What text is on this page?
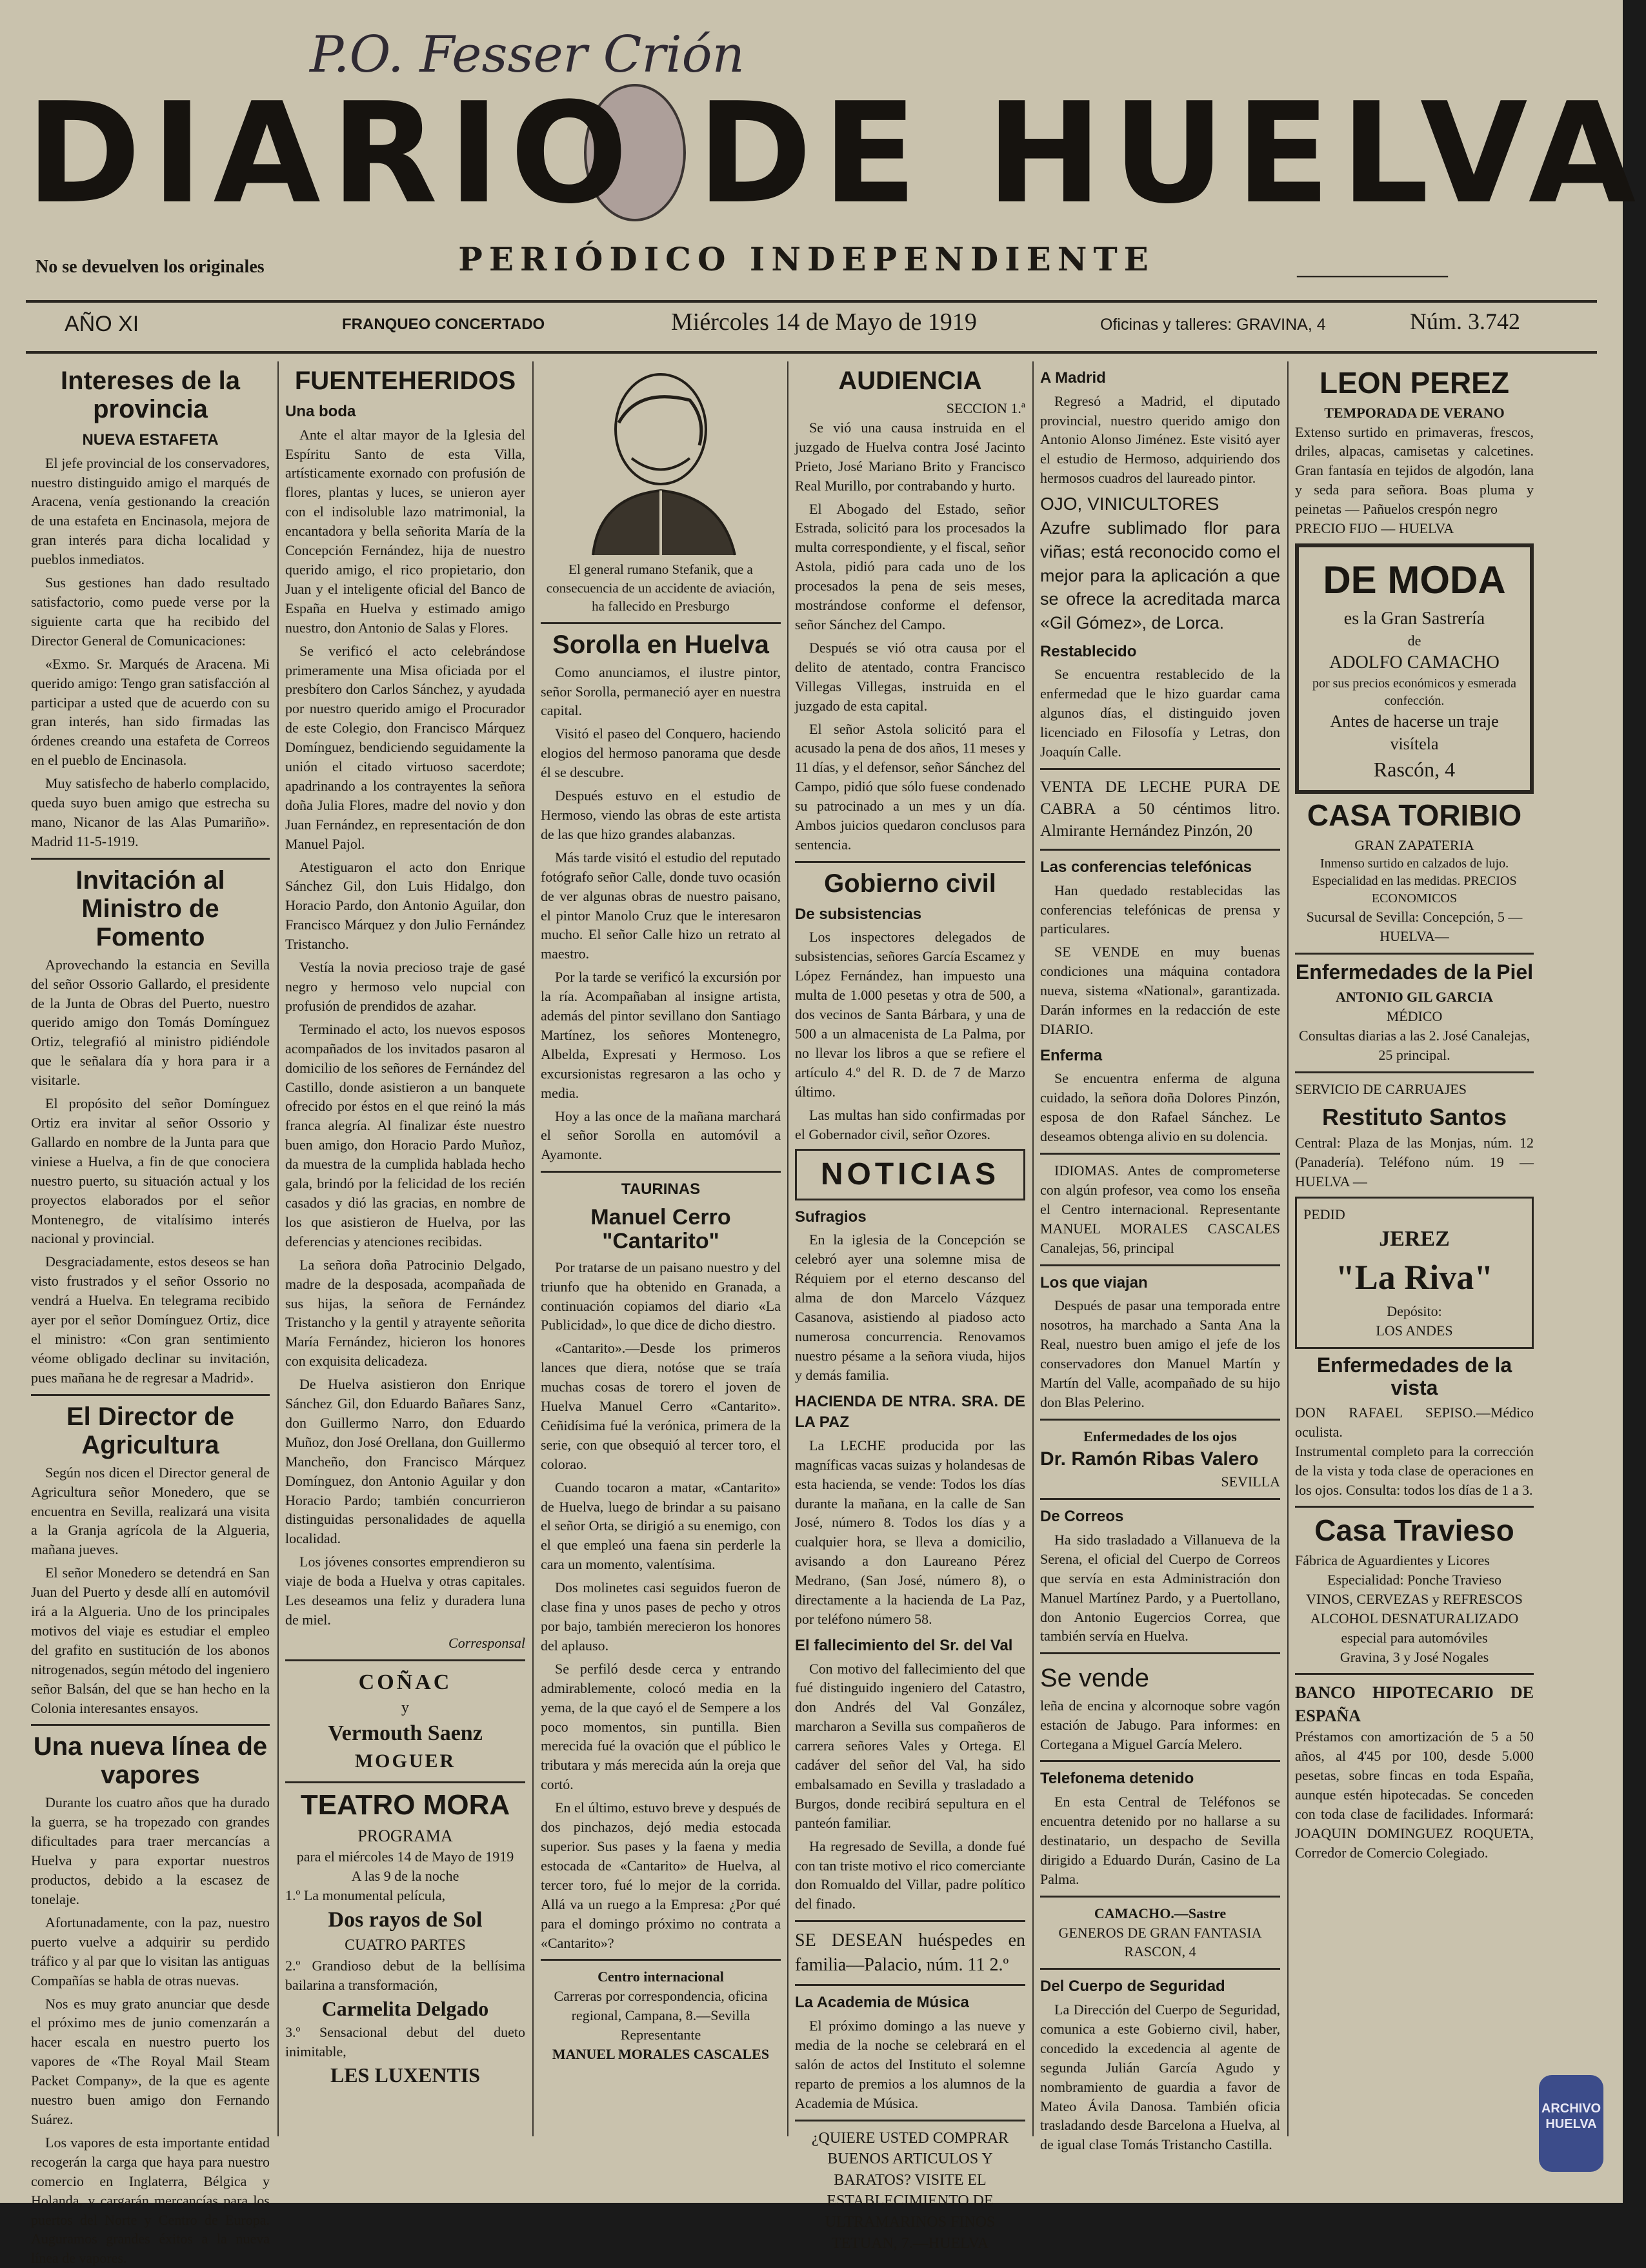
P.O. Fesser Crión
DIARIO DE HUELVA
No se devuelven los originales	PERIÓDICO INDEPENDIENTE	—————————
AÑO XI	FRANQUEO CONCERTADO	Miércoles 14 de Mayo de 1919	Oficinas y talleres: GRAVINA, 4	Núm. 3.742
Intereses de la provincia
NUEVA ESTAFETA

El jefe provincial de los conservadores, nuestro distinguido amigo el marqués de Aracena, venía gestionando la creación de una estafeta en Encinasola, mejora de gran interés para dicha localidad y pueblos inmediatos.

Sus gestiones han dado resultado satisfactorio, como puede verse por la siguiente carta que ha recibido del Director General de Comunicaciones:

«Exmo. Sr. Marqués de Aracena. Mi querido amigo: Tengo gran satisfacción al participar a usted que de acuerdo con su gran interés, han sido firmadas las órdenes creando una estafeta de Correos en el pueblo de Encinasola.

Muy satisfecho de haberlo complacido, queda suyo buen amigo que estrecha su mano, Nicanor de las Alas Pumariño». Madrid 11-5-1919.

Invitación al Ministro de Fomento

Aprovechando la estancia en Sevilla del señor Ossorio Gallardo, el presidente de la Junta de Obras del Puerto, nuestro querido amigo don Tomás Domínguez Ortiz, telegrafió al ministro pidiéndole que le señalara día y hora para ir a visitarle.

El propósito del señor Domínguez Ortiz era invitar al señor Ossorio y Gallardo en nombre de la Junta para que viniese a Huelva, a fin de que conociera nuestro puerto, su situación actual y los proyectos elaborados por el señor Montenegro, de vitalísimo interés nacional y provincial.

Desgraciadamente, estos deseos se han visto frustrados y el señor Ossorio no vendrá a Huelva. En telegrama recibido ayer por el señor Domínguez Ortiz, dice el ministro: «Con gran sentimiento véome obligado declinar su invitación, pues mañana he de regresar a Madrid».

El Director de Agricultura

Según nos dicen el Director general de Agricultura señor Monedero, que se encuentra en Sevilla, realizará una visita a la Granja agrícola de la Algueria, mañana jueves.

El señor Monedero se detendrá en San Juan del Puerto y desde allí en automóvil irá a la Algueria. Uno de los principales motivos del viaje es estudiar el empleo del grafito en sustitución de los abonos nitrogenados, según método del ingeniero señor Balsán, del que se han hecho en la Colonia interesantes ensayos.

Una nueva línea de vapores

Durante los cuatro años que ha durado la guerra, se ha tropezado con grandes dificultades para traer mercancías a Huelva y para exportar nuestros productos, debido a la escasez de tonelaje.

Afortunadamente, con la paz, nuestro puerto vuelve a adquirir su perdido tráfico y al par que lo visitan las antiguas Compañías se habla de otras nuevas.

Nos es muy grato anunciar que desde el próximo mes de junio comenzarán a hacer escala en nuestro puerto los vapores de «The Royal Mail Steam Packet Company», de la que es agente nuestro buen amigo don Fernando Suárez.

Los vapores de esta importante entidad recogerán la carga que haya para nuestro comercio en Inglaterra, Bélgica y Holanda, y cargarán mercancías para los puertos del Norte y Centro de Europa. Auguramos grandes éxitos a la nueva línea de vapores.

FUENTEHERIDOS
Una boda

Ante el altar mayor de la Iglesia del Espíritu Santo de esta Villa, artísticamente exornado con profusión de flores, plantas y luces, se unieron ayer con el indisoluble lazo matrimonial, la encantadora y bella señorita María de la Concepción Fernández, hija de nuestro querido amigo, el rico propietario, don Juan y el inteligente oficial del Banco de España en Huelva y estimado amigo nuestro, don Antonio de Salas y Flores.

Se verificó el acto celebrándose primeramente una Misa oficiada por el presbítero don Carlos Sánchez, y ayudada por nuestro querido amigo el Procurador de este Colegio, don Francisco Márquez Domínguez, bendiciendo seguidamente la unión el citado virtuoso sacerdote; apadrinando a los contrayentes la señora doña Julia Flores, madre del novio y don Juan Fernández, en representación de don Manuel Pajol.

Atestiguaron el acto don Enrique Sánchez Gil, don Luis Hidalgo, don Horacio Pardo, don Antonio Aguilar, don Francisco Márquez y don Julio Fernández Tristancho.

Vestía la novia precioso traje de gasé negro y hermoso velo nupcial con profusión de prendidos de azahar.

Terminado el acto, los nuevos esposos acompañados de los invitados pasaron al domicilio de los señores de Fernández del Castillo, donde asistieron a un banquete ofrecido por éstos en el que reinó la más franca alegría. Al finalizar éste nuestro buen amigo, don Horacio Pardo Muñoz, da muestra de la cumplida hablada hecho gala, brindó por la felicidad de los recién casados y dió las gracias, en nombre de los que asistieron de Huelva, por las deferencias y atenciones recibidas.

La señora doña Patrocinio Delgado, madre de la desposada, acompañada de sus hijas, la señora de Fernández Tristancho y la gentil y atrayente señorita María Fernández, hicieron los honores con exquisita delicadeza.

De Huelva asistieron don Enrique Sánchez Gil, don Eduardo Bañares Sanz, don Guillermo Narro, don Eduardo Muñoz, don José Orellana, don Guillermo Mancheño, don Francisco Márquez Domínguez, don Antonio Aguilar y don Horacio Pardo; también concurrieron distinguidas personalidades de aquella localidad.

Los jóvenes consortes emprendieron su viaje de boda a Huelva y otras capitales. Les deseamos una feliz y duradera luna de miel.

Corresponsal
COÑAC
y
Vermouth Saenz
MOGUER
TEATRO MORA
PROGRAMA
para el miércoles 14 de Mayo de 1919
A las 9 de la noche
1.º La monumental película,
Dos rayos de Sol
CUATRO PARTES
2.º Grandioso debut de la bellísima bailarina a transformación,
Carmelita Delgado
3.º Sensacional debut del dueto inimitable,
LES LUXENTIS
El general rumano Stefanik, que a consecuencia de un accidente de aviación, ha fallecido en Presburgo
Sorolla en Huelva

Como anunciamos, el ilustre pintor, señor Sorolla, permaneció ayer en nuestra capital.

Visitó el paseo del Conquero, haciendo elogios del hermoso panorama que desde él se descubre.

Después estuvo en el estudio de Hermoso, viendo las obras de este artista de las que hizo grandes alabanzas.

Más tarde visitó el estudio del reputado fotógrafo señor Calle, donde tuvo ocasión de ver algunas obras de nuestro paisano, el pintor Manolo Cruz que le interesaron mucho. El señor Calle hizo un retrato al maestro.

Por la tarde se verificó la excursión por la ría. Acompañaban al insigne artista, además del pintor sevillano don Santiago Martínez, los señores Montenegro, Albelda, Expresati y Hermoso. Los excursionistas regresaron a las ocho y media.

Hoy a las once de la mañana marchará el señor Sorolla en automóvil a Ayamonte.

TAURINAS
Manuel Cerro "Cantarito"

Por tratarse de un paisano nuestro y del triunfo que ha obtenido en Granada, a continuación copiamos del diario «La Publicidad», lo que dice de dicho diestro.

«Cantarito».—Desde los primeros lances que diera, notóse que se traía muchas cosas de torero el joven de Huelva Manuel Cerro «Cantarito». Ceñidísima fué la verónica, primera de la serie, con que obsequió al tercer toro, el colorao.

Cuando tocaron a matar, «Cantarito» de Huelva, luego de brindar a su paisano el señor Orta, se dirigió a su enemigo, con el que empleó una faena sin perderle la cara un momento, valentísima.

Dos molinetes casi seguidos fueron de clase fina y unos pases de pecho y otros por bajo, también merecieron los honores del aplauso.

Se perfiló desde cerca y entrando admirablemente, colocó media en la yema, de la que cayó el de Sempere a los poco momentos, sin puntilla. Bien merecida fué la ovación que el público le tributara y más merecida aún la oreja que cortó.

En el último, estuvo breve y después de dos pinchazos, dejó media estocada superior. Sus pases y la faena y media estocada de «Cantarito» de Huelva, al tercer toro, fué lo mejor de la corrida. Allá va un ruego a la Empresa: ¿Por qué para el domingo próximo no contrata a «Cantarito»?

Centro internacional
Carreras por correspondencia, oficina regional, Campana, 8.—Sevilla
Representante
MANUEL MORALES CASCALES
AUDIENCIA
SECCION 1.ª

Se vió una causa instruida en el juzgado de Huelva contra José Jacinto Prieto, José Mariano Brito y Francisco Real Murillo, por contrabando y hurto.

El Abogado del Estado, señor Estrada, solicitó para los procesados la multa correspondiente, y el fiscal, señor Astola, pidió para cada uno de los procesados la pena de seis meses, mostrándose conforme el defensor, señor Sánchez del Campo.

Después se vió otra causa por el delito de atentado, contra Francisco Villegas Villegas, instruida en el juzgado de esta capital.

El señor Astola solicitó para el acusado la pena de dos años, 11 meses y 11 días, y el defensor, señor Sánchez del Campo, pidió que sólo fuese condenado su patrocinado a un mes y un día. Ambos juicios quedaron conclusos para sentencia.

Gobierno civil
De subsistencias

Los inspectores delegados de subsistencias, señores García Escamez y López Fernández, han impuesto una multa de 1.000 pesetas y otra de 500, a dos vecinos de Santa Bárbara, y una de 500 a un almacenista de La Palma, por no llevar los libros a que se refiere el artículo 4.º del R. D. de 7 de Marzo último.

Las multas han sido confirmadas por el Gobernador civil, señor Ozores.

NOTICIAS
Sufragios

En la iglesia de la Concepción se celebró ayer una solemne misa de Réquiem por el eterno descanso del alma de don Marcelo Vázquez Casanova, asistiendo al piadoso acto numerosa concurrencia. Renovamos nuestro pésame a la señora viuda, hijos y demás familia.

HACIENDA DE NTRA. SRA. DE LA PAZ

La LECHE producida por las magníficas vacas suizas y holandesas de esta hacienda, se vende: Todos los días durante la mañana, en la calle de San José, número 8. Todos los días y a cualquier hora, se lleva a domicilio, avisando a don Laureano Pérez Medrano, (San José, número 8), o directamente a la hacienda de La Paz, por teléfono número 58.

El fallecimiento del Sr. del Val

Con motivo del fallecimiento del que fué distinguido ingeniero del Catastro, don Andrés del Val González, marcharon a Sevilla sus compañeros de carrera señores Vales y Ortega. El cadáver del señor del Val, ha sido embalsamado en Sevilla y trasladado a Burgos, donde recibirá sepultura en el panteón familiar.

Ha regresado de Sevilla, a donde fué con tan triste motivo el rico comerciante don Romualdo del Villar, padre político del finado.

SE DESEAN huéspedes en familia—Palacio, núm. 11 2.º
La Academia de Música

El próximo domingo a las nueve y media de la noche se celebrará en el salón de actos del Instituto el solemne reparto de premios a los alumnos de la Academia de Música.

¿QUIERE USTED COMPRAR BUENOS ARTICULOS Y BARATOS? VISITE EL ESTABLECIMIENTO DE ULTRAMARINOS FINOS TETUAN, 7.—HUELVA
A Madrid

Regresó a Madrid, el diputado provincial, nuestro querido amigo don Antonio Alonso Jiménez. Este visitó ayer el estudio de Hermoso, adquiriendo dos hermosos cuadros del laureado pintor.

OJO, VINICULTORES
Azufre sublimado flor para viñas; está reconocido como el mejor para la aplicación a que se ofrece la acreditada marca «Gil Gómez», de Lorca.
Restablecido

Se encuentra restablecido de la enfermedad que le hizo guardar cama algunos días, el distinguido joven licenciado en Filosofía y Letras, don Joaquín Calle.

VENTA DE LECHE PURA DE CABRA a 50 céntimos litro. Almirante Hernández Pinzón, 20
Las conferencias telefónicas

Han quedado restablecidas las conferencias telefónicas de prensa y particulares.

SE VENDE en muy buenas condiciones una máquina contadora nueva, sistema «National», garantizada. Darán informes en la redacción de este DIARIO.

Enferma

Se encuentra enferma de alguna cuidado, la señora doña Dolores Pinzón, esposa de don Rafael Sánchez. Le deseamos obtenga alivio en su dolencia.

IDIOMAS. Antes de comprometerse con algún profesor, vea como los enseña el Centro internacional. Representante MANUEL MORALES CASCALES Canalejas, 56, principal

Los que viajan

Después de pasar una temporada entre nosotros, ha marchado a Santa Ana la Real, nuestro buen amigo el jefe de los conservadores don Manuel Martín y Martín del Valle, acompañado de su hijo don Blas Pelerino.

Enfermedades de los ojos
Dr. Ramón Ribas Valero
SEVILLA
De Correos

Ha sido trasladado a Villanueva de la Serena, el oficial del Cuerpo de Correos que servía en esta Administración don Manuel Martínez Pardo, y a Puertollano, don Antonio Eugercios Correa, que también servía en Huelva.

Se vende
leña de encina y alcornoque sobre vagón estación de Jabugo. Para informes: en Cortegana a Miguel García Melero.
Telefonema detenido

En esta Central de Teléfonos se encuentra detenido por no hallarse a su destinatario, un despacho de Sevilla dirigido a Eduardo Durán, Casino de La Palma.

CAMACHO.—Sastre
GENEROS DE GRAN FANTASIA
RASCON, 4
Del Cuerpo de Seguridad

La Dirección del Cuerpo de Seguridad, comunica a este Gobierno civil, haber, concedido la excedencia al agente de segunda Julián García Agudo y nombramiento de guardia a favor de Mateo Ávila Danosa. También oficia trasladando desde Barcelona a Huelva, al de igual clase Tomás Tristancho Castilla.

LEON PEREZ
TEMPORADA DE VERANO
Extenso surtido en primaveras, frescos, driles, alpacas, camisetas y calcetines. Gran fantasía en tejidos de algodón, lana y seda para señora. Boas pluma y peinetas — Pañuelos crespón negro
PRECIO FIJO — HUELVA
DE MODA
es la Gran Sastrería
de
ADOLFO CAMACHO
por sus precios económicos y esmerada confección.
Antes de hacerse un traje visítela
Rascón, 4
CASA TORIBIO
GRAN ZAPATERIA
Inmenso surtido en calzados de lujo. Especialidad en las medidas. PRECIOS ECONOMICOS
Sucursal de Sevilla: Concepción, 5 —HUELVA—
Enfermedades de la Piel
ANTONIO GIL GARCIA
MÉDICO
Consultas diarias a las 2. José Canalejas, 25 principal.
SERVICIO DE CARRUAJES
Restituto Santos
Central: Plaza de las Monjas, núm. 12 (Panadería). Teléfono núm. 19 — HUELVA —
PEDID
JEREZ
"La Riva"
Depósito:
LOS ANDES
Enfermedades de la vista
DON RAFAEL SEPISO.—Médico oculista.
Instrumental completo para la corrección de la vista y toda clase de operaciones en los ojos. Consulta: todos los días de 1 a 3.
Casa Travieso
Fábrica de Aguardientes y Licores
Especialidad: Ponche Travieso
VINOS, CERVEZAS y REFRESCOS
ALCOHOL DESNATURALIZADO especial para automóviles
Gravina, 3 y José Nogales
BANCO HIPOTECARIO DE ESPAÑA
Préstamos con amortización de 5 a 50 años, al 4'45 por 100, desde 5.000 pesetas, sobre fincas en toda España, aunque estén hipotecadas. Se conceden con toda clase de facilidades. Informará: JOAQUIN DOMINGUEZ ROQUETA, Corredor de Comercio Colegiado.
ARCHIVO HUELVA
